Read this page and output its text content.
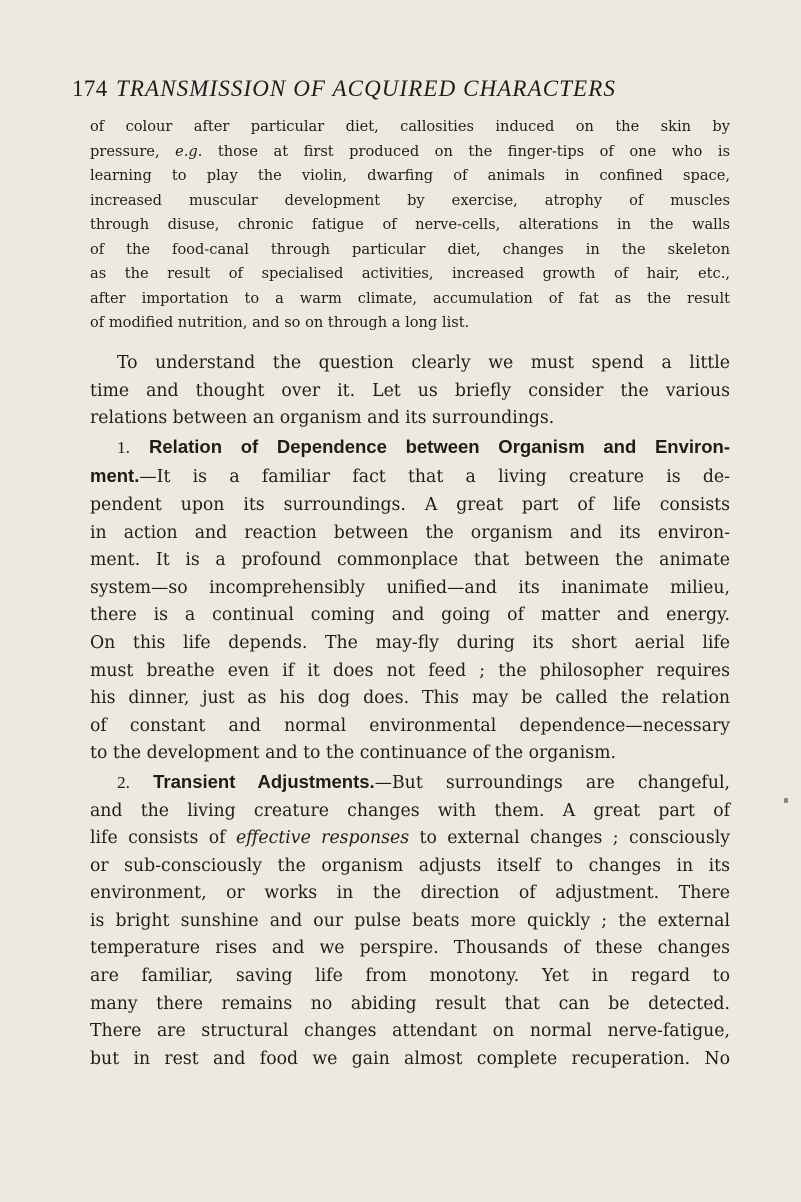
174 TRANSMISSION OF ACQUIRED CHARACTERS
of colour after particular diet, callosities induced on the skin by
pressure, e.g. those at first produced on the finger-tips of one who is
learning to play the violin, dwarfing of animals in confined space,
increased muscular development by exercise, atrophy of muscles
through disuse, chronic fatigue of nerve-cells, alterations in the walls
of the food-canal through particular diet, changes in the skeleton
as the result of specialised activities, increased growth of hair, etc.,
after importation to a warm climate, accumulation of fat as the result
of modified nutrition, and so on through a long list.
To understand the question clearly we must spend a little
time and thought over it. Let us briefly consider the various
relations between an organism and its surroundings.
1. Relation of Dependence between Organism and Environ-
ment.—It is a familiar fact that a living creature is de-
pendent upon its surroundings. A great part of life consists
in action and reaction between the organism and its environ-
ment. It is a profound commonplace that between the animate
system—so incomprehensibly unified—and its inanimate milieu,
there is a continual coming and going of matter and energy.
On this life depends. The may-fly during its short aerial life
must breathe even if it does not feed ; the philosopher requires
his dinner, just as his dog does. This may be called the relation
of constant and normal environmental dependence—necessary
to the development and to the continuance of the organism.
2. Transient Adjustments.—But surroundings are changeful,
and the living creature changes with them. A great part of
life consists of effective responses to external changes ; consciously
or sub-consciously the organism adjusts itself to changes in its
environment, or works in the direction of adjustment. There
is bright sunshine and our pulse beats more quickly ; the external
temperature rises and we perspire. Thousands of these changes
are familiar, saving life from monotony. Yet in regard to
many there remains no abiding result that can be detected.
There are structural changes attendant on normal nerve-fatigue,
but in rest and food we gain almost complete recuperation. No
